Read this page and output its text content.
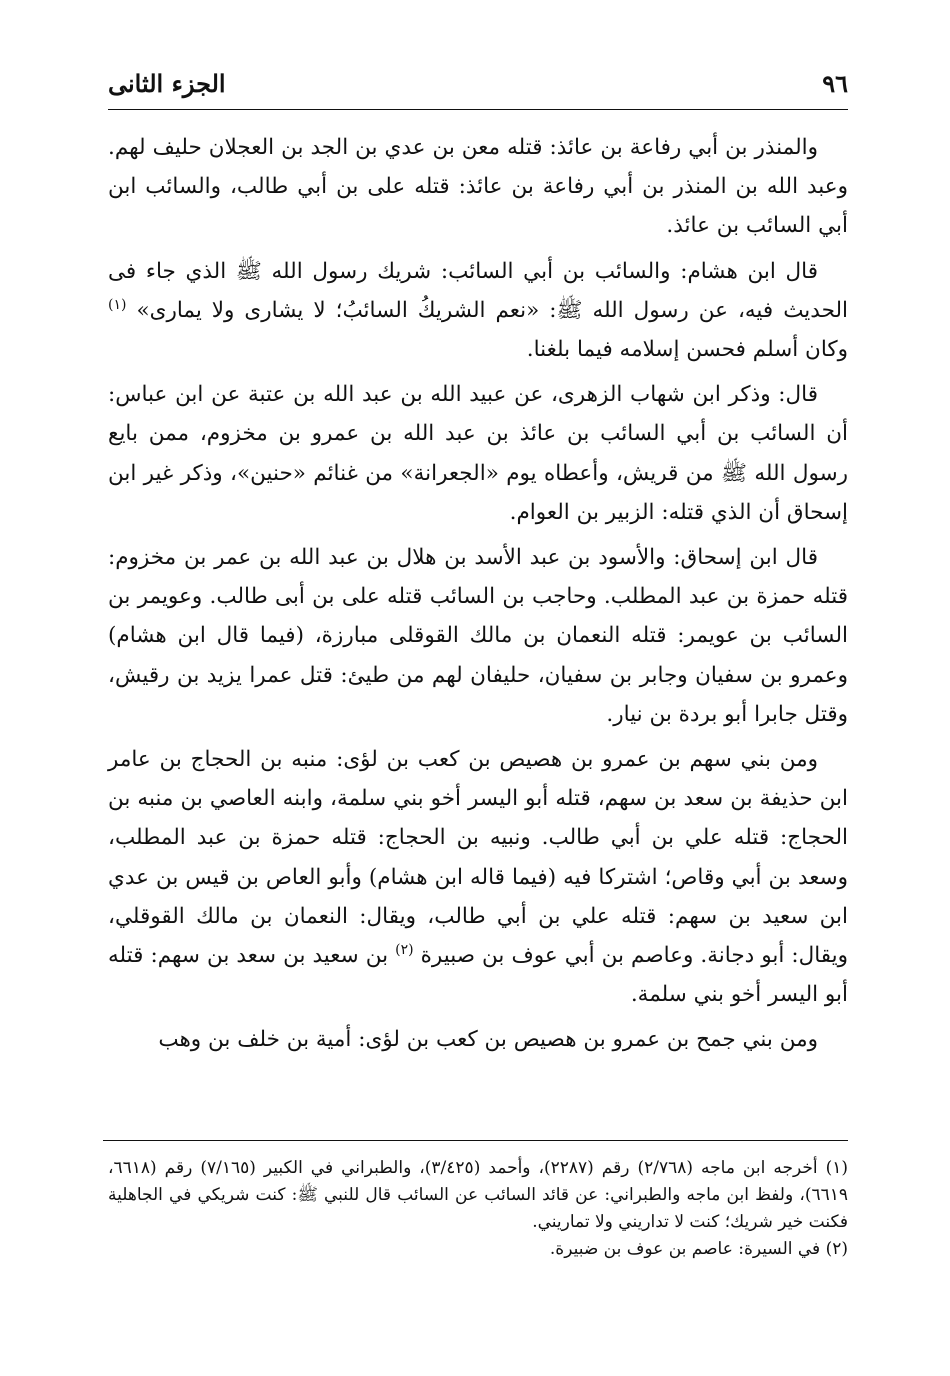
٩٦
الجزء الثانى

والمنذر بن أبي رفاعة بن عائذ: قتله معن بن عدي بن الجد بن العجلان حليف لهم. وعبد الله بن المنذر بن أبي رفاعة بن عائذ: قتله على بن أبي طالب، والسائب ابن أبي السائب بن عائذ.

قال ابن هشام: والسائب بن أبي السائب: شريك رسول الله ﷺ الذي جاء فى الحديث فيه، عن رسول الله ﷺ: «نعم الشريكُ السائبُ؛ لا يشارى ولا يمارى» $^{(١)}$ وكان أسلم فحسن إسلامه فيما بلغنا.

قال: وذكر ابن شهاب الزهرى، عن عبيد الله بن عبد الله بن عتبة عن ابن عباس: أن السائب بن أبي السائب بن عائذ بن عبد الله بن عمرو بن مخزوم، ممن بايع رسول الله ﷺ من قريش، وأعطاه يوم «الجعرانة» من غنائم «حنين»، وذكر غير ابن إسحاق أن الذي قتله: الزبير بن العوام.

قال ابن إسحاق: والأسود بن عبد الأسد بن هلال بن عبد الله بن عمر بن مخزوم: قتله حمزة بن عبد المطلب. وحاجب بن السائب قتله على بن أبى طالب. وعويمر بن السائب بن عويمر: قتله النعمان بن مالك القوقلى مبارزة، (فيما قال ابن هشام) وعمرو بن سفيان وجابر بن سفيان، حليفان لهم من طيئ: قتل عمرا يزيد بن رقيش، وقتل جابرا أبو بردة بن نيار.

ومن بني سهم بن عمرو بن هصيص بن كعب بن لؤى: منبه بن الحجاج بن عامر ابن حذيفة بن سعد بن سهم، قتله أبو اليسر أخو بني سلمة، وابنه العاصي بن منبه بن الحجاج: قتله علي بن أبي طالب. ونبيه بن الحجاج: قتله حمزة بن عبد المطلب، وسعد بن أبي وقاص؛ اشتركا فيه (فيما قاله ابن هشام) وأبو العاص بن قيس بن عدي ابن سعيد بن سهم: قتله علي بن أبي طالب، ويقال: النعمان بن مالك القوقلي، ويقال: أبو دجانة. وعاصم بن أبي عوف بن صبيرة $^{(٢)}$ بن سعيد بن سعد بن سهم: قتله أبو اليسر أخو بني سلمة.

ومن بني جمح بن عمرو بن هصيص بن كعب بن لؤى: أمية بن خلف بن وهب

(١) أخرجه ابن ماجه (٢/٧٦٨) رقم (٢٢٨٧)، وأحمد (٣/٤٢٥)، والطبراني في الكبير (٧/١٦٥) رقم (٦٦١٨، ٦٦١٩)، ولفظ ابن ماجه والطبراني: عن قائد السائب عن السائب قال للنبي ﷺ: كنت شريكي في الجاهلية فكنت خير شريك؛ كنت لا تداريني ولا تماريني.

(٢) في السيرة: عاصم بن عوف بن ضبيرة.
